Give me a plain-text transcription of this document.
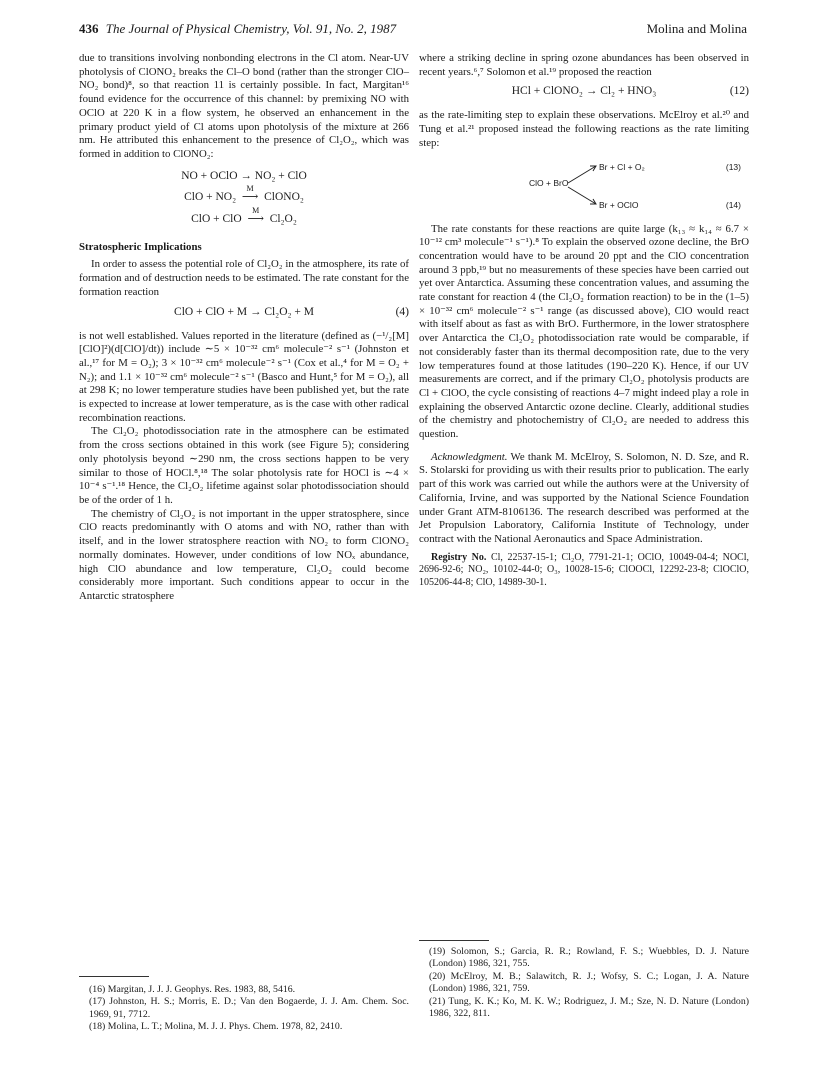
436 The Journal of Physical Chemistry, Vol. 91, No. 2, 1987	Molina and Molina

due to transitions involving nonbonding electrons in the Cl atom. Near-UV photolysis of ClONO₂ breaks the Cl–O bond (rather than the stronger ClO–NO₂ bond)⁸, so that reaction 11 is certainly possible. In fact, Margitan¹⁶ found evidence for the occurrence of this channel: by premixing NO with OClO at 220 K in a flow system, he observed an enhancement in the primary product yield of Cl atoms upon photolysis of the mixture at 266 nm. He attributed this enhancement to the presence of Cl₂O₂, which was formed in addition to ClONO₂:

NO + OClO → NO₂ + ClO
ClO + NO₂
M
⟶  ClONO₂
ClO + ClO
M
⟶  Cl₂O₂
Stratospheric Implications

In order to assess the potential role of Cl₂O₂ in the atmosphere, its rate of formation and of destruction needs to be estimated. The rate constant for the formation reaction

ClO + ClO + M → Cl₂O₂ + M	(4)

is not well established. Values reported in the literature (defined as (−¹/₂[M][ClO]²)(d[ClO]/dt)) include ∼5 × 10⁻³² cm⁶ molecule⁻² s⁻¹ (Johnston et al.,¹⁷ for M = O₂); 3 × 10⁻³² cm⁶ molecule⁻² s⁻¹ (Cox et al.,⁴ for M = O₂ + N₂); and 1.1 × 10⁻³² cm⁶ molecule⁻² s⁻¹ (Basco and Hunt,⁵ for M = O₂), all at 298 K; no lower temperature studies have been published yet, but the rate is expected to increase at lower temperature, as is the case with other radical recombination reactions.

The Cl₂O₂ photodissociation rate in the atmosphere can be estimated from the cross sections obtained in this work (see Figure 5); considering only photolysis beyond ∼290 nm, the cross sections happen to be very similar to those of HOCl.⁸,¹⁸ The solar photolysis rate for HOCl is ∼4 × 10⁻⁴ s⁻¹.¹⁸ Hence, the Cl₂O₂ lifetime against solar photodissociation should be of the order of 1 h.

The chemistry of Cl₂O₂ is not important in the upper stratosphere, since ClO reacts predominantly with O atoms and with NO, rather than with itself, and in the lower stratosphere reaction with NO₂ to form ClONO₂ normally dominates. However, under conditions of low NOₓ abundance, high ClO abundance and low temperature, Cl₂O₂ could become considerably more important. Such conditions appear to occur in the Antarctic stratosphere

where a striking decline in spring ozone abundances has been observed in recent years.⁶,⁷ Solomon et al.¹⁹ proposed the reaction

HCl + ClONO₂ → Cl₂ + HNO₃	(12)

as the rate-limiting step to explain these observations. McElroy et al.²⁰ and Tung et al.²¹ proposed instead the following reactions as the rate limiting step:

ClO + BrO
Br + Cl + O₂	(13)
Br + OClO	(14)

The rate constants for these reactions are quite large (k₁₃ ≈ k₁₄ ≈ 6.7 × 10⁻¹² cm³ molecule⁻¹ s⁻¹).⁸ To explain the observed ozone decline, the BrO concentration would have to be around 20 ppt and the ClO concentration around 3 ppb,¹⁹ but no measurements of these species have been carried out yet over Antarctica. Assuming these concentration values, and assuming the rate constant for reaction 4 (the Cl₂O₂ formation reaction) to be in the (1–5) × 10⁻³² cm⁶ molecule⁻² s⁻¹ range (as discussed above), ClO would react with itself about as fast as with BrO. Furthermore, in the lower stratosphere over Antarctica the Cl₂O₂ photodissociation rate would be comparable, if not considerably faster than its thermal decomposition rate, due to the very low temperatures found at those latitudes (190–220 K). Hence, if our UV measurements are correct, and if the primary Cl₂O₂ photolysis products are Cl + ClOO, the cycle consisting of reactions 4–7 might indeed play a role in explaining the observed Antarctic ozone decline. Clearly, additional studies of the chemistry and photochemistry of Cl₂O₂ are needed to address this question.

Acknowledgment. We thank M. McElroy, S. Solomon, N. D. Sze, and R. S. Stolarski for providing us with their results prior to publication. The early part of this work was carried out while the authors were at the University of California, Irvine, and was supported by the National Science Foundation under Grant ATM-8106136. The research described was performed at the Jet Propulsion Laboratory, California Institute of Technology, under contract with the National Aeronautics and Space Administration.

Registry No. Cl, 22537-15-1; Cl₂O, 7791-21-1; OClO, 10049-04-4; NOCl, 2696-92-6; NO₂, 10102-44-0; O₃, 10028-15-6; ClOOCl, 12292-23-8; ClOClO, 105206-44-8; ClO, 14989-30-1.

(16) Margitan, J. J. J. Geophys. Res. 1983, 88, 5416.

(17) Johnston, H. S.; Morris, E. D.; Van den Bogaerde, J. J. Am. Chem. Soc. 1969, 91, 7712.

(18) Molina, L. T.; Molina, M. J. J. Phys. Chem. 1978, 82, 2410.

(19) Solomon, S.; Garcia, R. R.; Rowland, F. S.; Wuebbles, D. J. Nature (London) 1986, 321, 755.

(20) McElroy, M. B.; Salawitch, R. J.; Wofsy, S. C.; Logan, J. A. Nature (London) 1986, 321, 759.

(21) Tung, K. K.; Ko, M. K. W.; Rodriguez, J. M.; Sze, N. D. Nature (London) 1986, 322, 811.
